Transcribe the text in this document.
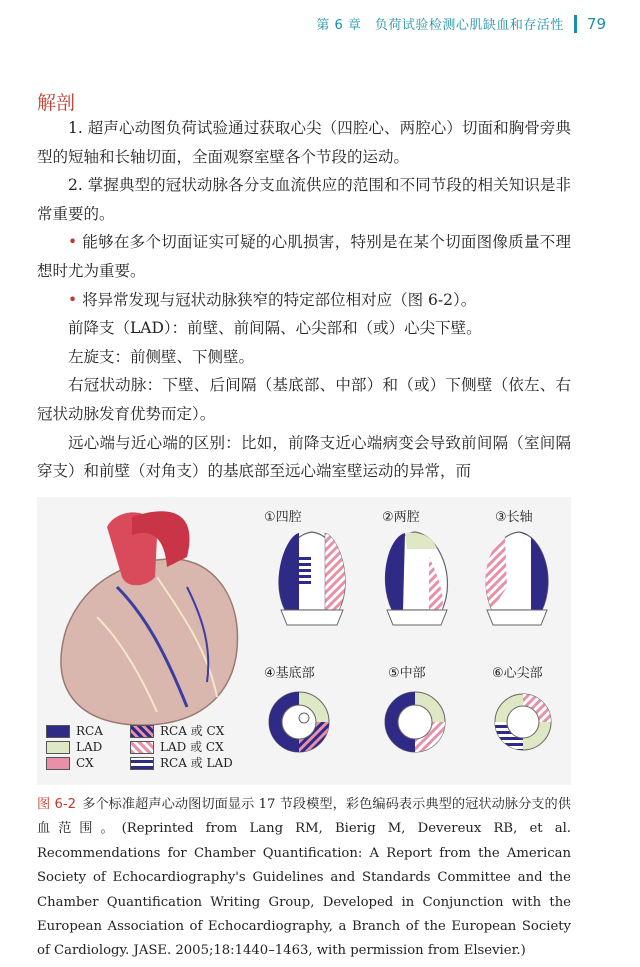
第 6 章　负荷试验检测心肌缺血和存活性 79
解剖

1. 超声心动图负荷试验通过获取心尖（四腔心、两腔心）切面和胸骨旁典型的短轴和长轴切面，全面观察室壁各个节段的运动。

2. 掌握典型的冠状动脉各分支血流供应的范围和不同节段的相关知识是非常重要的。

• 能够在多个切面证实可疑的心肌损害，特别是在某个切面图像质量不理想时尤为重要。

• 将异常发现与冠状动脉狭窄的特定部位相对应（图 6-2）。

前降支（LAD）：前壁、前间隔、心尖部和（或）心尖下壁。

左旋支：前侧壁、下侧壁。

右冠状动脉：下壁、后间隔（基底部、中部）和（或）下侧壁（依左、右冠状动脉发育优势而定）。

远心端与近心端的区别：比如，前降支近心端病变会导致前间隔（室间隔穿支）和前壁（对角支）的基底部至远心端室壁运动的异常，而

①四腔	②两腔	③长轴
④基底部	⑤中部	⑥心尖部
RCA
LAD
CX
RCA 或 CX
LAD 或 CX
RCA 或 LAD
图 6-2 多个标准超声心动图切面显示 17 节段模型，彩色编码表示典型的冠状动脉分支的供血范围。(Reprinted from Lang RM, Bierig M, Devereux RB, et al. Recommendations for Chamber Quantification: A Report from the American Society of Echocardiography's Guidelines and Standards Committee and the Chamber Quantification Writing Group, Developed in Conjunction with the European Association of Echocardiography, a Branch of the European Society of Cardiology. JASE. 2005;18:1440–1463, with permission from Elsevier.)
